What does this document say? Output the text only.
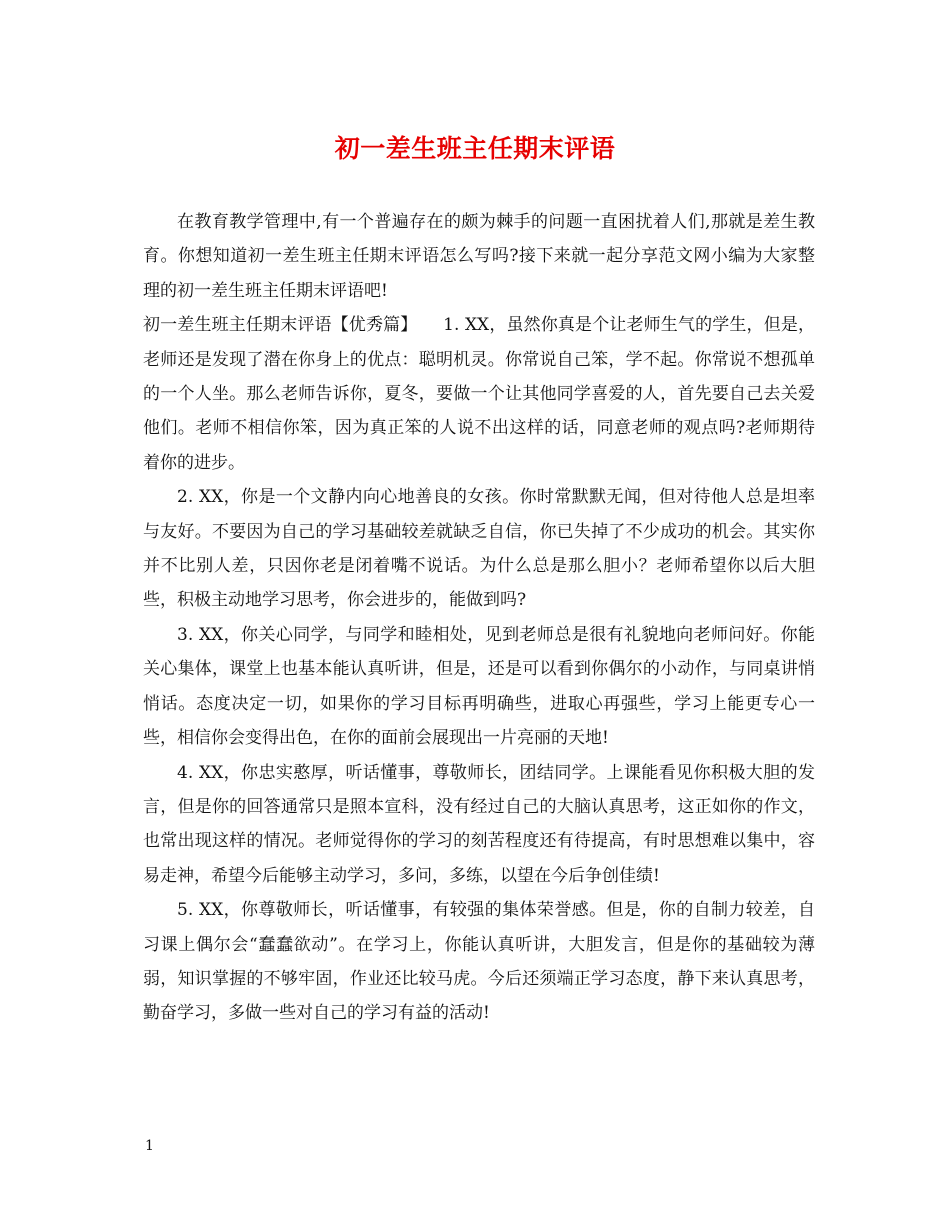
初一差生班主任期末评语

在教育教学管理中,有一个普遍存在的颇为棘手的问题一直困扰着人们,那就是差生教育。你想知道初一差生班主任期末评语怎么写吗?接下来就一起分享范文网小编为大家整理的初一差生班主任期末评语吧!

初一差生班主任期末评语【优秀篇】　　1. XX，虽然你真是个让老师生气的学生，但是，老师还是发现了潜在你身上的优点：聪明机灵。你常说自己笨，学不起。你常说不想孤单的一个人坐。那么老师告诉你，夏冬，要做一个让其他同学喜爱的人，首先要自己去关爱他们。老师不相信你笨，因为真正笨的人说不出这样的话，同意老师的观点吗?老师期待着你的进步。

2. XX，你是一个文静内向心地善良的女孩。你时常默默无闻，但对待他人总是坦率与友好。不要因为自己的学习基础较差就缺乏自信，你已失掉了不少成功的机会。其实你并不比别人差，只因你老是闭着嘴不说话。为什么总是那么胆小？老师希望你以后大胆些，积极主动地学习思考，你会进步的，能做到吗?

3. XX，你关心同学，与同学和睦相处，见到老师总是很有礼貌地向老师问好。你能关心集体，课堂上也基本能认真听讲，但是，还是可以看到你偶尔的小动作，与同桌讲悄悄话。态度决定一切，如果你的学习目标再明确些，进取心再强些，学习上能更专心一些，相信你会变得出色，在你的面前会展现出一片亮丽的天地!

4. XX，你忠实憨厚，听话懂事，尊敬师长，团结同学。上课能看见你积极大胆的发言，但是你的回答通常只是照本宣科，没有经过自己的大脑认真思考，这正如你的作文，也常出现这样的情况。老师觉得你的学习的刻苦程度还有待提高，有时思想难以集中，容易走神，希望今后能够主动学习，多问，多练，以望在今后争创佳绩!

5. XX，你尊敬师长，听话懂事，有较强的集体荣誉感。但是，你的自制力较差，自习课上偶尔会“蠢蠢欲动”。在学习上，你能认真听讲，大胆发言，但是你的基础较为薄弱，知识掌握的不够牢固，作业还比较马虎。今后还须端正学习态度，静下来认真思考，勤奋学习，多做一些对自己的学习有益的活动!

1
